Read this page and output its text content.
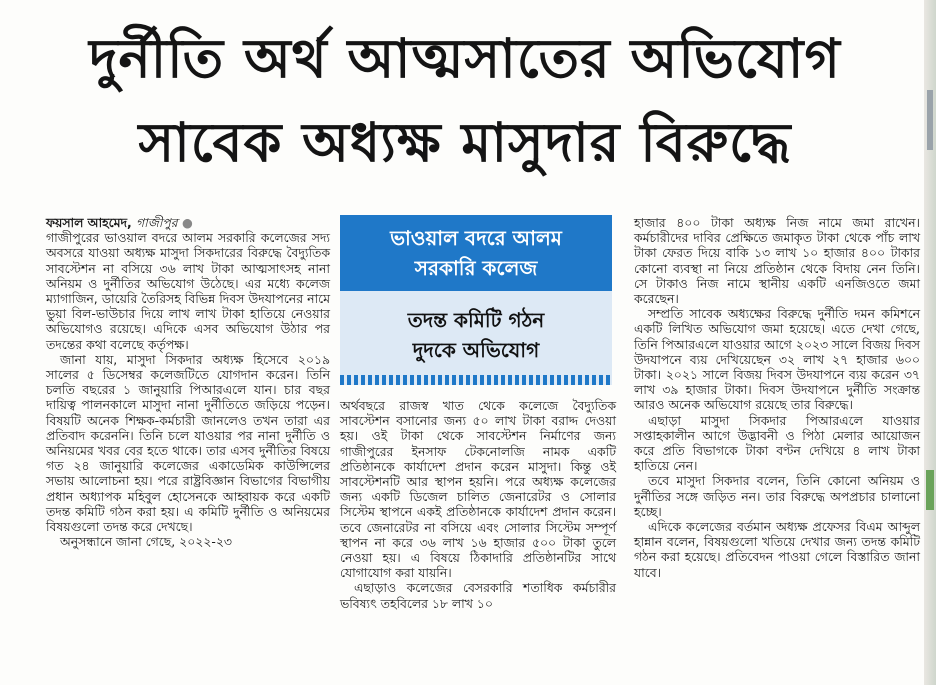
দুর্নীতি অর্থ আত্মসাতের অভিযোগ
সাবেক অধ্যক্ষ মাসুদার বিরুদ্ধে

ফয়সাল আহমেদ, গাজীপুর ●

গাজীপুরের ভাওয়াল বদরে আলম সরকারি কলেজের সদ্য অবসরে যাওয়া অধ্যক্ষ মাসুদা সিকদারের বিরুদ্ধে বৈদ্যুতিক সাবস্টেশন না বসিয়ে ৩৬ লাখ টাকা আত্মসাৎসহ নানা অনিয়ম ও দুর্নীতির অভিযোগ উঠেছে। এর মধ্যে কলেজ ম্যাগাজিন, ডায়েরি তৈরিসহ বিভিন্ন দিবস উদযাপনের নামে ভুয়া বিল-ভাউচার দিয়ে লাখ লাখ টাকা হাতিয়ে নেওয়ার অভিযোগও রয়েছে। এদিকে এসব অভিযোগ উঠার পর তদন্তের কথা বলেছে কর্তৃপক্ষ।

জানা যায়, মাসুদা সিকদার অধ্যক্ষ হিসেবে ২০১৯ সালের ৫ ডিসেম্বর কলেজটিতে যোগদান করেন। তিনি চলতি বছরের ১ জানুয়ারি পিআরএলে যান। চার বছর দায়িত্ব পালনকালে মাসুদা নানা দুর্নীতিতে জড়িয়ে পড়েন। বিষয়টি অনেক শিক্ষক-কর্মচারী জানলেও তখন তারা এর প্রতিবাদ করেননি। তিনি চলে যাওয়ার পর নানা দুর্নীতি ও অনিয়মের খবর বের হতে থাকে। তার এসব দুর্নীতির বিষয়ে গত ২৪ জানুয়ারি কলেজের একাডেমিক কাউন্সিলের সভায় আলোচনা হয়। পরে রাষ্ট্রবিজ্ঞান বিভাগের বিভাগীয় প্রধান অধ্যাপক মহিবুল হোসেনকে আহ্বায়ক করে একটি তদন্ত কমিটি গঠন করা হয়। এ কমিটি দুর্নীতি ও অনিয়মের বিষয়গুলো তদন্ত করে দেখছে।

অনুসন্ধানে জানা গেছে, ২০২২-২৩

ভাওয়াল বদরে আলম
সরকারি কলেজ
তদন্ত কমিটি গঠন
দুদকে অভিযোগ

অর্থবছরে রাজস্ব খাত থেকে কলেজে বৈদ্যুতিক সাবস্টেশন বসানোর জন্য ৫০ লাখ টাকা বরাদ্দ দেওয়া হয়। ওই টাকা থেকে সাবস্টেশন নির্মাণের জন্য গাজীপুরের ইনসাফ টেকনোলজি নামক একটি প্রতিষ্ঠানকে কার্যাদেশ প্রদান করেন মাসুদা। কিন্তু ওই সাবস্টেশনটি আর স্থাপন হয়নি। পরে অধ্যক্ষ কলেজের জন্য একটি ডিজেল চালিত জেনারেটর ও সোলার সিস্টেম স্থাপনে একই প্রতিষ্ঠানকে কার্যাদেশ প্রদান করেন। তবে জেনারেটর না বসিয়ে এবং সোলার সিস্টেম সম্পূর্ণ স্থাপন না করে ৩৬ লাখ ১৬ হাজার ৫০০ টাকা তুলে নেওয়া হয়। এ বিষয়ে ঠিকাদারি প্রতিষ্ঠানটির সাথে যোগাযোগ করা যায়নি।

এছাড়াও কলেজের বেসরকারি শতাধিক কর্মচারীর ভবিষ্যৎ তহবিলের ১৮ লাখ ১০

হাজার ৪০০ টাকা অধ্যক্ষ নিজ নামে জমা রাখেন। কর্মচারীদের দাবির প্রেক্ষিতে জমাকৃত টাকা থেকে পাঁচ লাখ টাকা ফেরত দিয়ে বাকি ১৩ লাখ ১০ হাজার ৪০০ টাকার কোনো ব্যবস্থা না নিয়ে প্রতিষ্ঠান থেকে বিদায় নেন তিনি। সে টাকাও নিজ নামে স্থানীয় একটি এনজিওতে জমা করেছেন।

সম্প্রতি সাবেক অধ্যক্ষের বিরুদ্ধে দুর্নীতি দমন কমিশনে একটি লিখিত অভিযোগ জমা হয়েছে। এতে দেখা গেছে, তিনি পিআরএলে যাওয়ার আগে ২০২৩ সালে বিজয় দিবস উদযাপনে ব্যয় দেখিয়েছেন ৩২ লাখ ২৭ হাজার ৬০০ টাকা। ২০২১ সালে বিজয় দিবস উদযাপনে ব্যয় করেন ৩৭ লাখ ৩৯ হাজার টাকা। দিবস উদযাপনে দুর্নীতি সংক্রান্ত আরও অনেক অভিযোগ রয়েছে তার বিরুদ্ধে।

এছাড়া মাসুদা সিকদার পিআরএলে যাওয়ার সপ্তাহকালীন আগে উদ্ভাবনী ও পিঠা মেলার আয়োজন করে প্রতি বিভাগকে টাকা বণ্টন দেখিয়ে ৪ লাখ টাকা হাতিয়ে নেন।

তবে মাসুদা সিকদার বলেন, তিনি কোনো অনিয়ম ও দুর্নীতির সঙ্গে জড়িত নন। তার বিরুদ্ধে অপপ্রচার চালানো হচ্ছে।

এদিকে কলেজের বর্তমান অধ্যক্ষ প্রফেসর বিএম আব্দুল হান্নান বলেন, বিষয়গুলো খতিয়ে দেখার জন্য তদন্ত কমিটি গঠন করা হয়েছে। প্রতিবেদন পাওয়া গেলে বিস্তারিত জানা যাবে।
